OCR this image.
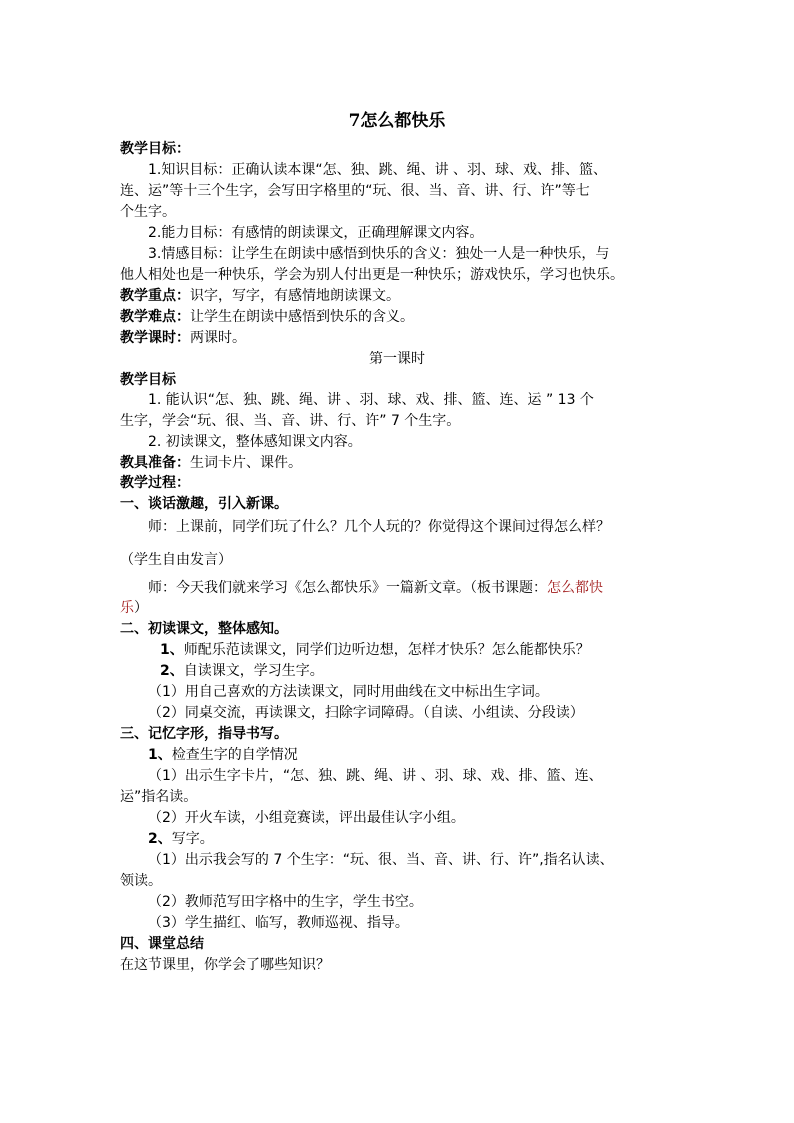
7怎么都快乐
教学目标：
1.知识目标：正确认读本课“怎、独、跳、绳、讲 、羽、球、戏、排、篮、
连、运”等十三个生字，会写田字格里的“玩、很、当、音、讲、行、许”等七
个生字。
2.能力目标：有感情的朗读课文，正确理解课文内容。
3.情感目标：让学生在朗读中感悟到快乐的含义：独处一人是一种快乐，与
他人相处也是一种快乐，学会为别人付出更是一种快乐；游戏快乐，学习也快乐。
教学重点：识字，写字，有感情地朗读课文。
教学难点：让学生在朗读中感悟到快乐的含义。
教学课时：两课时。
第一课时
教学目标
1. 能认识“怎、独、跳、绳、讲 、羽、球、戏、排、篮、连、运 ” 13 个
生字，学会“玩、很、当、音、讲、行、许” 7 个生字。
2. 初读课文，整体感知课文内容。
教具准备：生词卡片、课件。
教学过程：
一、谈话激趣，引入新课。
师：上课前，同学们玩了什么？几个人玩的？你觉得这个课间过得怎么样？
（学生自由发言）
师：今天我们就来学习《怎么都快乐》一篇新文章。（板书课题：怎么都快
乐）
二、初读课文，整体感知。
1、师配乐范读课文，同学们边听边想，怎样才快乐？怎么能都快乐？
2、自读课文，学习生字。
（1）用自己喜欢的方法读课文，同时用曲线在文中标出生字词。
（2）同桌交流，再读课文，扫除字词障碍。（自读、小组读、分段读）
三、记忆字形，指导书写。
1、检查生字的自学情况
（1）出示生字卡片，“怎、独、跳、绳、讲 、羽、球、戏、排、篮、连、
运”指名读。
（2）开火车读，小组竞赛读，评出最佳认字小组。
2、写字。
（1）出示我会写的 7 个生字：“玩、很、当、音、讲、行、许”,指名认读、
领读。
（2）教师范写田字格中的生字，学生书空。
（3）学生描红、临写，教师巡视、指导。
四、课堂总结
在这节课里，你学会了哪些知识？
